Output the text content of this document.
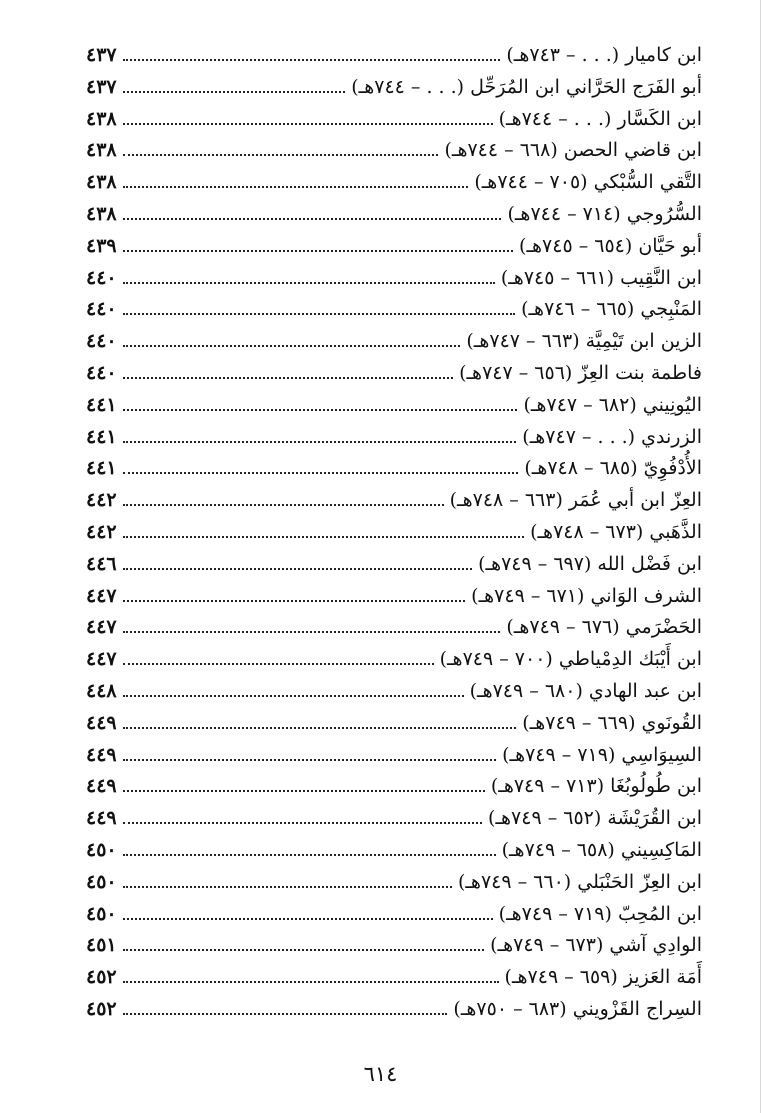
ابن كاميار (. . . – ٧٤٣هـ)
٤٣٧
أبو الفَرَج الحَرَّاني ابن المُرَحِّل (. . . – ٧٤٤هـ)
٤٣٧
ابن الكَسَّار (. . . – ٧٤٤هـ)
٤٣٨
ابن قاضي الحصن (٦٦٨ – ٧٤٤هـ)
٤٣٨
التَّقي السُّبْكي (٧٠٥ – ٧٤٤هـ)
٤٣٨
السُّرُوجي (٧١٤ – ٧٤٤هـ)
٤٣٨
أبو حَيَّان (٦٥٤ – ٧٤٥هـ)
٤٣٩
ابن النَّقِيب (٦٦١ – ٧٤٥هـ)
٤٤٠
المَنْبِجي (٦٦٥ – ٧٤٦هـ)
٤٤٠
الزين ابن تَيْمِيَّة (٦٦٣ – ٧٤٧هـ)
٤٤٠
فاطمة بنت العِزّ (٦٥٦ – ٧٤٧هـ)
٤٤٠
اليُونِيني (٦٨٢ – ٧٤٧هـ)
٤٤١
الزرندي (. . . – ٧٤٧هـ)
٤٤١
الأُدْفُوِيّ (٦٨٥ – ٧٤٨هـ)
٤٤١
العِزّ ابن أبي عُمَر (٦٦٣ – ٧٤٨هـ)
٤٤٢
الذَّهَبي (٦٧٣ – ٧٤٨هـ)
٤٤٢
ابن فَضْل الله (٦٩٧ – ٧٤٩هـ)
٤٤٦
الشرف الوَاني (٦٧١ – ٧٤٩هـ)
٤٤٧
الحَضْرَمي (٦٧٦ – ٧٤٩هـ)
٤٤٧
ابن أَيْبَك الدِمْياطي (٧٠٠ – ٧٤٩هـ)
٤٤٧
ابن عبد الهادي (٦٨٠ – ٧٤٩هـ)
٤٤٨
القُونَوي (٦٦٩ – ٧٤٩هـ)
٤٤٩
السِيوَاسِي (٧١٩ – ٧٤٩هـ)
٤٤٩
ابن طُولُوبُغَا (٧١٣ – ٧٤٩هـ)
٤٤٩
ابن القُرَيْشَة (٦٥٢ – ٧٤٩هـ)
٤٤٩
المَاكِسِيني (٦٥٨ – ٧٤٩هـ)
٤٥٠
ابن العِزّ الحَنْبَلي (٦٦٠ – ٧٤٩هـ)
٤٥٠
ابن المُحِبّ (٧١٩ – ٧٤٩هـ)
٤٥٠
الوادِي آشي (٦٧٣ – ٧٤٩هـ)
٤٥١
أَمَة العَزيز (٦٥٩ – ٧٤٩هـ)
٤٥٢
السِراج القَزْويني (٦٨٣ – ٧٥٠هـ)
٤٥٢
٦١٤
